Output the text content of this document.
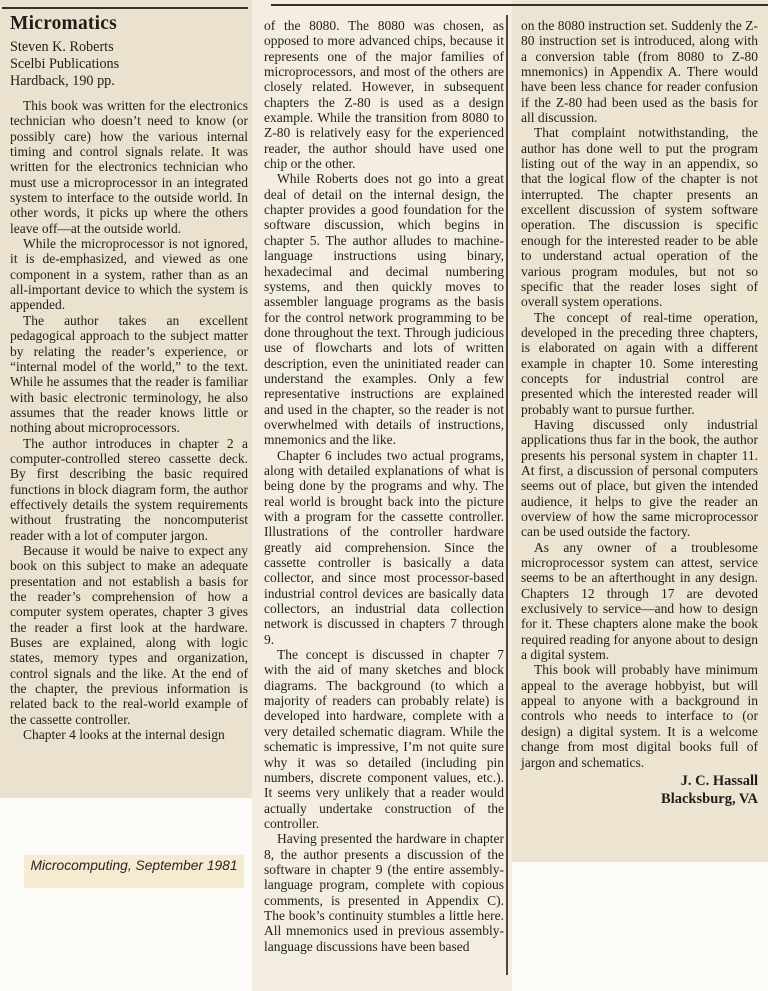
Micromatics
Steven K. Roberts
Scelbi Publications
Hardback, 190 pp.

This book was written for the electronics technician who doesn’t need to know (or possibly care) how the various internal timing and control signals relate. It was written for the electronics technician who must use a microprocessor in an integrated system to interface to the outside world. In other words, it picks up where the others leave off—at the outside world.

While the microprocessor is not ignored, it is de-emphasized, and viewed as one component in a system, rather than as an all-important device to which the system is appended.

The author takes an excellent pedagogical approach to the subject matter by relating the reader’s experience, or “internal model of the world,” to the text. While he assumes that the reader is familiar with basic electronic terminology, he also assumes that the reader knows little or nothing about microprocessors.

The author introduces in chapter 2 a computer-controlled stereo cassette deck. By first describing the basic required functions in block diagram form, the author effectively details the system requirements without frustrating the noncomputerist reader with a lot of computer jargon.

Because it would be naive to expect any book on this subject to make an adequate presentation and not establish a basis for the reader’s comprehension of how a computer system operates, chapter 3 gives the reader a first look at the hardware. Buses are explained, along with logic states, memory types and organization, control signals and the like. At the end of the chapter, the previous information is related back to the real-world example of the cassette controller.

Chapter 4 looks at the internal design

of the 8080. The 8080 was chosen, as opposed to more advanced chips, because it represents one of the major families of microprocessors, and most of the others are closely related. However, in subsequent chapters the Z-80 is used as a design example. While the transition from 8080 to Z-80 is relatively easy for the experienced reader, the author should have used one chip or the other.

While Roberts does not go into a great deal of detail on the internal design, the chapter provides a good foundation for the software discussion, which begins in chapter 5. The author alludes to machine-language instructions using binary, hexadecimal and decimal numbering systems, and then quickly moves to assembler language programs as the basis for the control network programming to be done throughout the text. Through judicious use of flowcharts and lots of written description, even the uninitiated reader can understand the examples. Only a few representative instructions are explained and used in the chapter, so the reader is not overwhelmed with details of instructions, mnemonics and the like.

Chapter 6 includes two actual programs, along with detailed explanations of what is being done by the programs and why. The real world is brought back into the picture with a program for the cassette controller. Illustrations of the controller hardware greatly aid comprehension. Since the cassette controller is basically a data collector, and since most processor-based industrial control devices are basically data collectors, an industrial data collection network is discussed in chapters 7 through 9.

The concept is discussed in chapter 7 with the aid of many sketches and block diagrams. The background (to which a majority of readers can probably relate) is developed into hardware, complete with a very detailed schematic diagram. While the schematic is impressive, I’m not quite sure why it was so detailed (including pin numbers, discrete component values, etc.). It seems very unlikely that a reader would actually undertake construction of the controller.

Having presented the hardware in chapter 8, the author presents a discussion of the software in chapter 9 (the entire assembly-language program, complete with copious comments, is presented in Appendix C). The book’s continuity stumbles a little here. All mnemonics used in previous assembly-language discussions have been based

on the 8080 instruction set. Suddenly the Z-80 instruction set is introduced, along with a conversion table (from 8080 to Z-80 mnemonics) in Appendix A. There would have been less chance for reader confusion if the Z-80 had been used as the basis for all discussion.

That complaint notwithstanding, the author has done well to put the program listing out of the way in an appendix, so that the logical flow of the chapter is not interrupted. The chapter presents an excellent discussion of system software operation. The discussion is specific enough for the interested reader to be able to understand actual operation of the various program modules, but not so specific that the reader loses sight of overall system operations.

The concept of real-time operation, developed in the preceding three chapters, is elaborated on again with a different example in chapter 10. Some interesting concepts for industrial control are presented which the interested reader will probably want to pursue further.

Having discussed only industrial applications thus far in the book, the author presents his personal system in chapter 11. At first, a discussion of personal computers seems out of place, but given the intended audience, it helps to give the reader an overview of how the same microprocessor can be used outside the factory.

As any owner of a troublesome microprocessor system can attest, service seems to be an afterthought in any design. Chapters 12 through 17 are devoted exclusively to service—and how to design for it. These chapters alone make the book required reading for anyone about to design a digital system.

This book will probably have minimum appeal to the average hobbyist, but will appeal to anyone with a background in controls who needs to interface to (or design) a digital system. It is a welcome change from most digital books full of jargon and schematics.

J. C. Hassall
Blacksburg, VA
Microcomputing, September 1981
